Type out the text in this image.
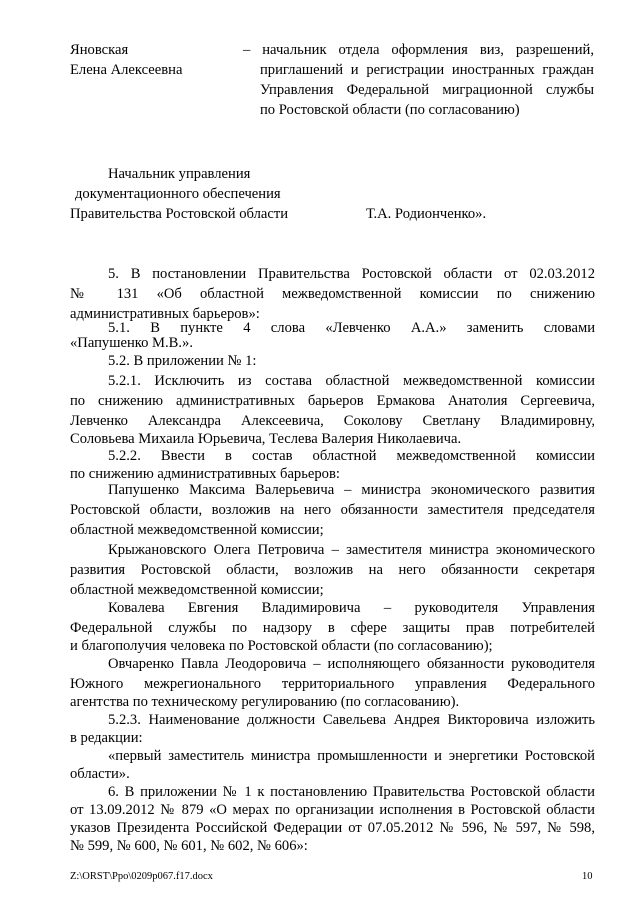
Яновская
Елена Алексеевна
– начальник отдела оформления виз, разрешений,
приглашений и регистрации иностранных граждан
Управления Федеральной миграционной службы
по Ростовской области (по согласованию)
Начальник управления
документационного обеспечения
Правительства Ростовской области	Т.А. Родионченко».
5. В постановлении Правительства Ростовской области от 02.03.2012
№ 131 «Об областной межведомственной комиссии по снижению
административных барьеров»:
5.1. В пункте 4 слова «Левченко А.А.» заменить словами
«Папушенко М.В.».
5.2. В приложении № 1:
5.2.1. Исключить из состава областной межведомственной комиссии
по снижению административных барьеров Ермакова Анатолия Сергеевича,
Левченко Александра Алексеевича, Соколову Светлану Владимировну,
Соловьева Михаила Юрьевича, Теслева Валерия Николаевича.
5.2.2. Ввести в состав областной межведомственной комиссии
по снижению административных барьеров:
Папушенко Максима Валерьевича – министра экономического развития
Ростовской области, возложив на него обязанности заместителя председателя
областной межведомственной комиссии;
Крыжановского Олега Петровича – заместителя министра экономического
развития Ростовской области, возложив на него обязанности секретаря
областной межведомственной комиссии;
Ковалева Евгения Владимировича – руководителя Управления
Федеральной службы по надзору в сфере защиты прав потребителей
и благополучия человека по Ростовской области (по согласованию);
Овчаренко Павла Леодоровича – исполняющего обязанности руководителя
Южного межрегионального территориального управления Федерального
агентства по техническому регулированию (по согласованию).
5.2.3. Наименование должности Савельева Андрея Викторовича изложить
в редакции:
«первый заместитель министра промышленности и энергетики Ростовской
области».
6. В приложении № 1 к постановлению Правительства Ростовской области
от 13.09.2012 № 879 «О мерах по организации исполнения в Ростовской области
указов Президента Российской Федерации от 07.05.2012 № 596, № 597, № 598,
№ 599, № 600, № 601, № 602, № 606»:
Z:\ORST\Ppo\0209p067.f17.docx	10
